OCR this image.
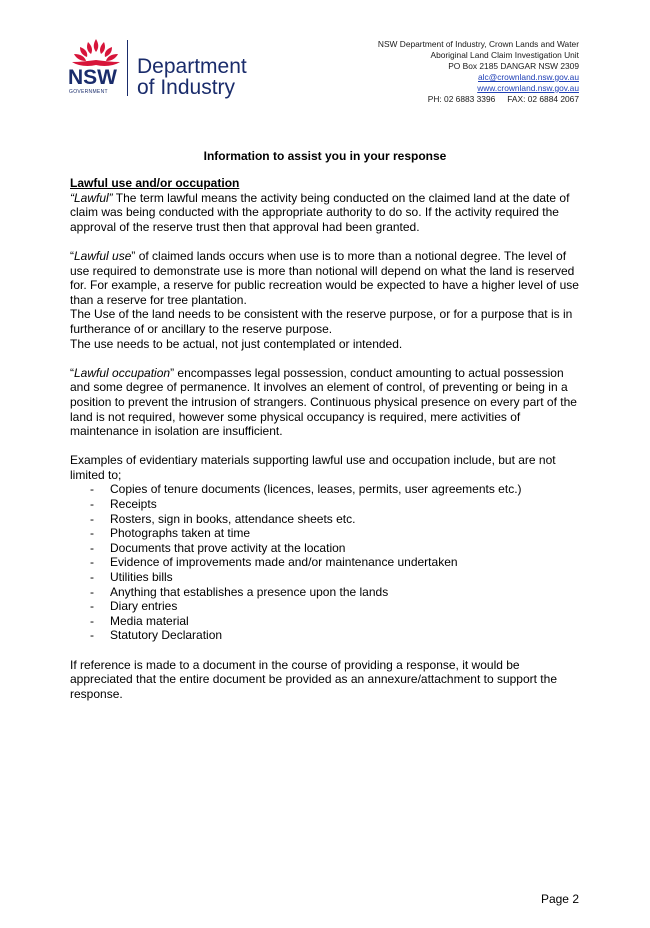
NSW
GOVERNMENT
Department
of Industry
NSW Department of Industry, Crown Lands and Water
Aboriginal Land Claim Investigation Unit
PO Box 2185 DANGAR NSW 2309
alc@crownland.nsw.gov.au
www.crownland.nsw.gov.au
PH: 02 6883 3396 FAX: 02 6884 2067
Information to assist you in your response

Lawful use and/or occupation

“Lawful” The term lawful means the activity being conducted on the claimed land at the date of claim was being conducted with the appropriate authority to do so. If the activity required the approval of the reserve trust then that approval had been granted.

“Lawful use” of claimed lands occurs when use is to more than a notional degree. The level of use required to demonstrate use is more than notional will depend on what the land is reserved for. For example, a reserve for public recreation would be expected to have a higher level of use than a reserve for tree plantation.

The Use of the land needs to be consistent with the reserve purpose, or for a purpose that is in furtherance of or ancillary to the reserve purpose.

The use needs to be actual, not just contemplated or intended.

“Lawful occupation” encompasses legal possession, conduct amounting to actual possession and some degree of permanence. It involves an element of control, of preventing or being in a position to prevent the intrusion of strangers. Continuous physical presence on every part of the land is not required, however some physical occupancy is required, mere activities of maintenance in isolation are insufficient.

Examples of evidentiary materials supporting lawful use and occupation include, but are not limited to;

- Copies of tenure documents (licences, leases, permits, user agreements etc.)
- Receipts
- Rosters, sign in books, attendance sheets etc.
- Photographs taken at time
- Documents that prove activity at the location
- Evidence of improvements made and/or maintenance undertaken
- Utilities bills
- Anything that establishes a presence upon the lands
- Diary entries
- Media material
- Statutory Declaration

If reference is made to a document in the course of providing a response, it would be appreciated that the entire document be provided as an annexure/attachment to support the response.

Page 2
